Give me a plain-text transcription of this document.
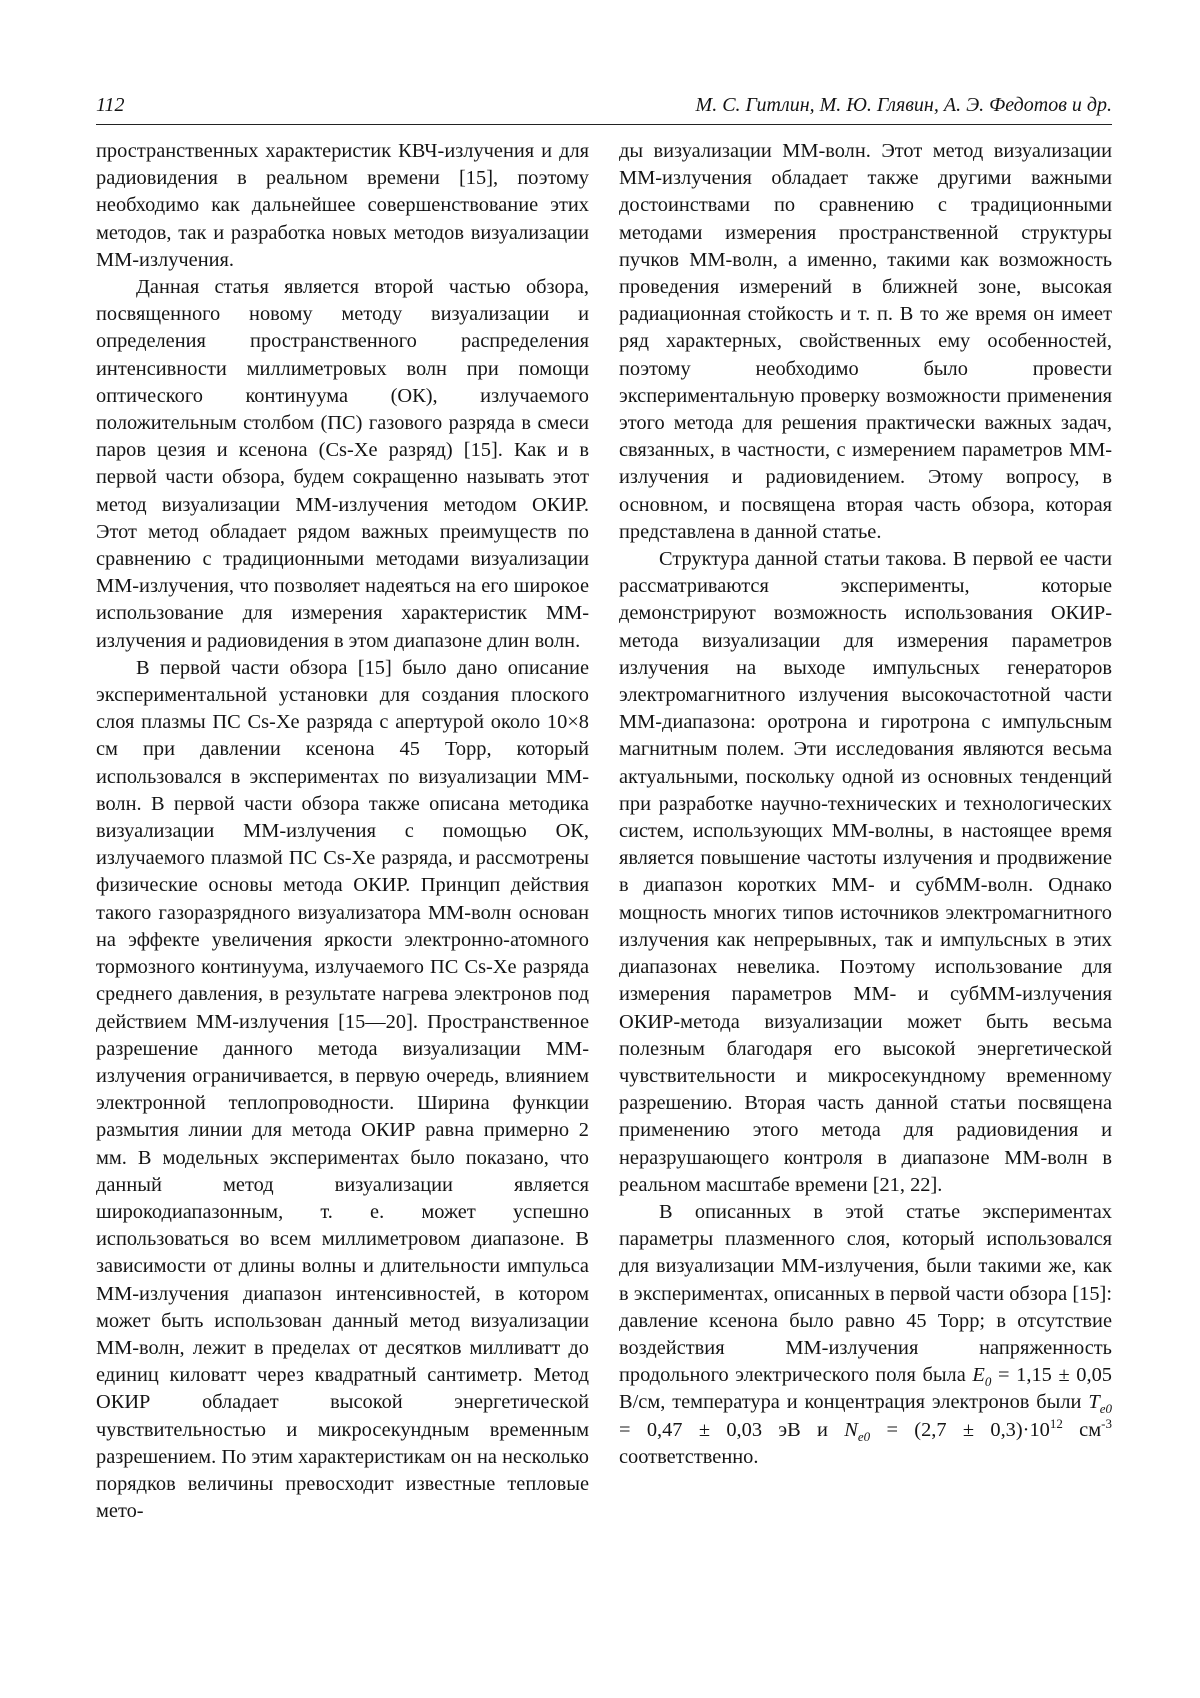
112	М. С. Гитлин, М. Ю. Глявин, А. Э. Федотов и др.

пространственных характеристик КВЧ-излучения и для радиовидения в реальном времени [15], поэтому необходимо как дальнейшее совершенствование этих методов, так и разработка новых методов визуализации ММ-излучения.

Данная статья является второй частью обзора, посвященного новому методу визуализации и определения пространственного распределения интенсивности миллиметровых волн при помощи оптического континуума (ОК), излучаемого положительным столбом (ПС) газового разряда в смеси паров цезия и ксенона (Cs-Xe разряд) [15]. Как и в первой части обзора, будем сокращенно называть этот метод визуализации ММ-излучения методом ОКИР. Этот метод обладает рядом важных преимуществ по сравнению с традиционными методами визуализации ММ-излучения, что позволяет надеяться на его широкое использование для измерения характеристик ММ-излучения и радиовидения в этом диапазоне длин волн.

В первой части обзора [15] было дано описание экспериментальной установки для создания плоского слоя плазмы ПС Cs-Xe разряда с апертурой около 10×8 см при давлении ксенона 45 Торр, который использовался в экспериментах по визуализации ММ-волн. В первой части обзора также описана методика визуализации ММ-излучения с помощью ОК, излучаемого плазмой ПС Cs-Xe разряда, и рассмотрены физические основы метода ОКИР. Принцип действия такого газоразрядного визуализатора ММ-волн основан на эффекте увеличения яркости электронно-атомного тормозного континуума, излучаемого ПС Cs-Xe разряда среднего давления, в результате нагрева электронов под действием ММ-излучения [15—20]. Пространственное разрешение данного метода визуализации ММ-излучения ограничивается, в первую очередь, влиянием электронной теплопроводности. Ширина функции размытия линии для метода ОКИР равна примерно 2 мм. В модельных экспериментах было показано, что данный метод визуализации является широкодиапазонным, т. е. может успешно использоваться во всем миллиметровом диапазоне. В зависимости от длины волны и длительности импульса ММ-излучения диапазон интенсивностей, в котором может быть использован данный метод визуализации ММ-волн, лежит в пределах от десятков милливатт до единиц киловатт через квадратный сантиметр. Метод ОКИР обладает высокой энергетической чувствительностью и микросекундным временным разрешением. По этим характеристикам он на несколько порядков величины превосходит известные тепловые мето-

ды визуализации ММ-волн. Этот метод визуализации ММ-излучения обладает также другими важными достоинствами по сравнению с традиционными методами измерения пространственной структуры пучков ММ-волн, а именно, такими как возможность проведения измерений в ближней зоне, высокая радиационная стойкость и т. п. В то же время он имеет ряд характерных, свойственных ему особенностей, поэтому необходимо было провести экспериментальную проверку возможности применения этого метода для решения практически важных задач, связанных, в частности, с измерением параметров ММ-излучения и радиовидением. Этому вопросу, в основном, и посвящена вторая часть обзора, которая представлена в данной статье.

Структура данной статьи такова. В первой ее части рассматриваются эксперименты, которые демонстрируют возможность использования ОКИР-метода визуализации для измерения параметров излучения на выходе импульсных генераторов электромагнитного излучения высокочастотной части ММ-диапазона: оротрона и гиротрона с импульсным магнитным полем. Эти исследования являются весьма актуальными, поскольку одной из основных тенденций при разработке научно-технических и технологических систем, использующих ММ-волны, в настоящее время является повышение частоты излучения и продвижение в диапазон коротких ММ- и субММ-волн. Однако мощность многих типов источников электромагнитного излучения как непрерывных, так и импульсных в этих диапазонах невелика. Поэтому использование для измерения параметров ММ- и субММ-излучения ОКИР-метода визуализации может быть весьма полезным благодаря его высокой энергетической чувствительности и микросекундному временному разрешению. Вторая часть данной статьи посвящена применению этого метода для радиовидения и неразрушающего контроля в диапазоне ММ-волн в реальном масштабе времени [21, 22].

В описанных в этой статье экспериментах параметры плазменного слоя, который использовался для визуализации ММ-излучения, были такими же, как в экспериментах, описанных в первой части обзора [15]: давление ксенона было равно 45 Торр; в отсутствие воздействия ММ-излучения напряженность продольного электрического поля была $E_0 = 1,15 \pm 0,05$ В/см, температура и концентрация электронов были $T_{e0} = 0,47 \pm 0,03$ эВ и $N_{e0} = (2,7 \pm 0,3)\cdot 10^{12}$ $см^{-3}$ соответственно.
